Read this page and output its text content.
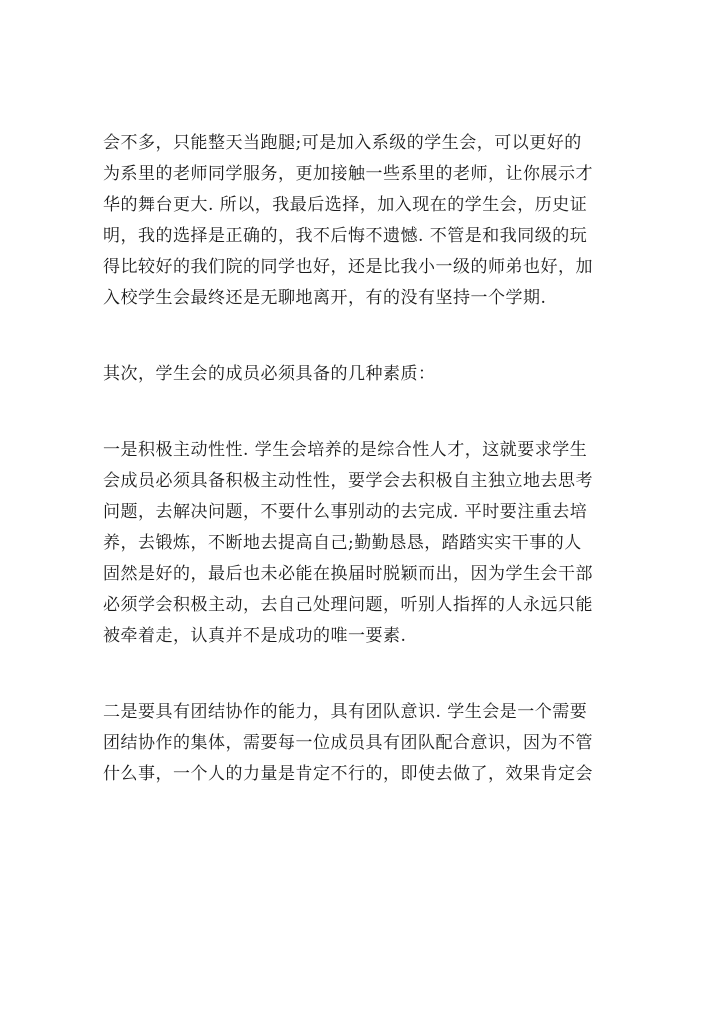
会不多，只能整天当跑腿;可是加入系级的学生会，可以更好的
为系里的老师同学服务，更加接触一些系里的老师，让你展示才
华的舞台更大. 所以，我最后选择，加入现在的学生会，历史证
明，我的选择是正确的，我不后悔不遗憾. 不管是和我同级的玩
得比较好的我们院的同学也好，还是比我小一级的师弟也好，加
入校学生会最终还是无聊地离开，有的没有坚持一个学期.

其次，学生会的成员必须具备的几种素质：

一是积极主动性性. 学生会培养的是综合性人才，这就要求学生
会成员必须具备积极主动性性，要学会去积极自主独立地去思考
问题，去解决问题，不要什么事别动的去完成. 平时要注重去培
养，去锻炼，不断地去提高自己;勤勤恳恳，踏踏实实干事的人
固然是好的，最后也未必能在换届时脱颖而出，因为学生会干部
必须学会积极主动，去自己处理问题，听别人指挥的人永远只能
被牵着走，认真并不是成功的唯一要素.

二是要具有团结协作的能力，具有团队意识. 学生会是一个需要
团结协作的集体，需要每一位成员具有团队配合意识，因为不管
什么事，一个人的力量是肯定不行的，即使去做了，效果肯定会
